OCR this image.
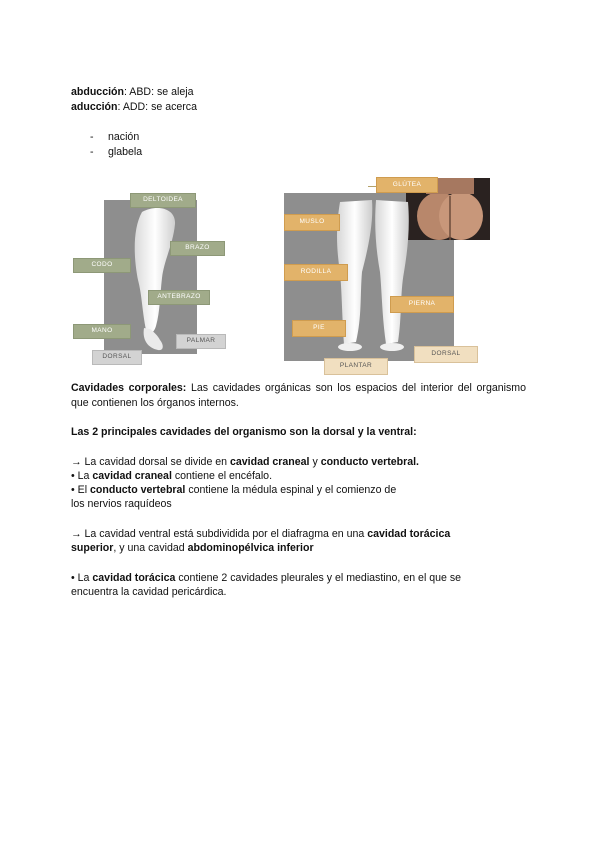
abducción: ABD: se aleja
aducción: ADD: se acerca
- nación
- glabela
DELTOIDEA
BRAZO
CODO
ANTEBRAZO
MANO
PALMAR
DORSAL
GLÚTEA
MUSLO
RODILLA
PIERNA
PIE
PLANTAR
DORSAL
Cavidades corporales: Las cavidades orgánicas son los espacios del interior del organismo que contienen los órganos internos.
Las 2 principales cavidades del organismo son la dorsal y la ventral:
→ La cavidad dorsal se divide en cavidad craneal y conducto vertebral.
• La cavidad craneal contiene el encéfalo.
• El conducto vertebral contiene la médula espinal y el comienzo de
los nervios raquídeos
→ La cavidad ventral está subdividida por el diafragma en una cavidad torácica
superior, y una cavidad abdominopélvica inferior
• La cavidad torácica contiene 2 cavidades pleurales y el mediastino, en el que se
encuentra la cavidad pericárdica.
